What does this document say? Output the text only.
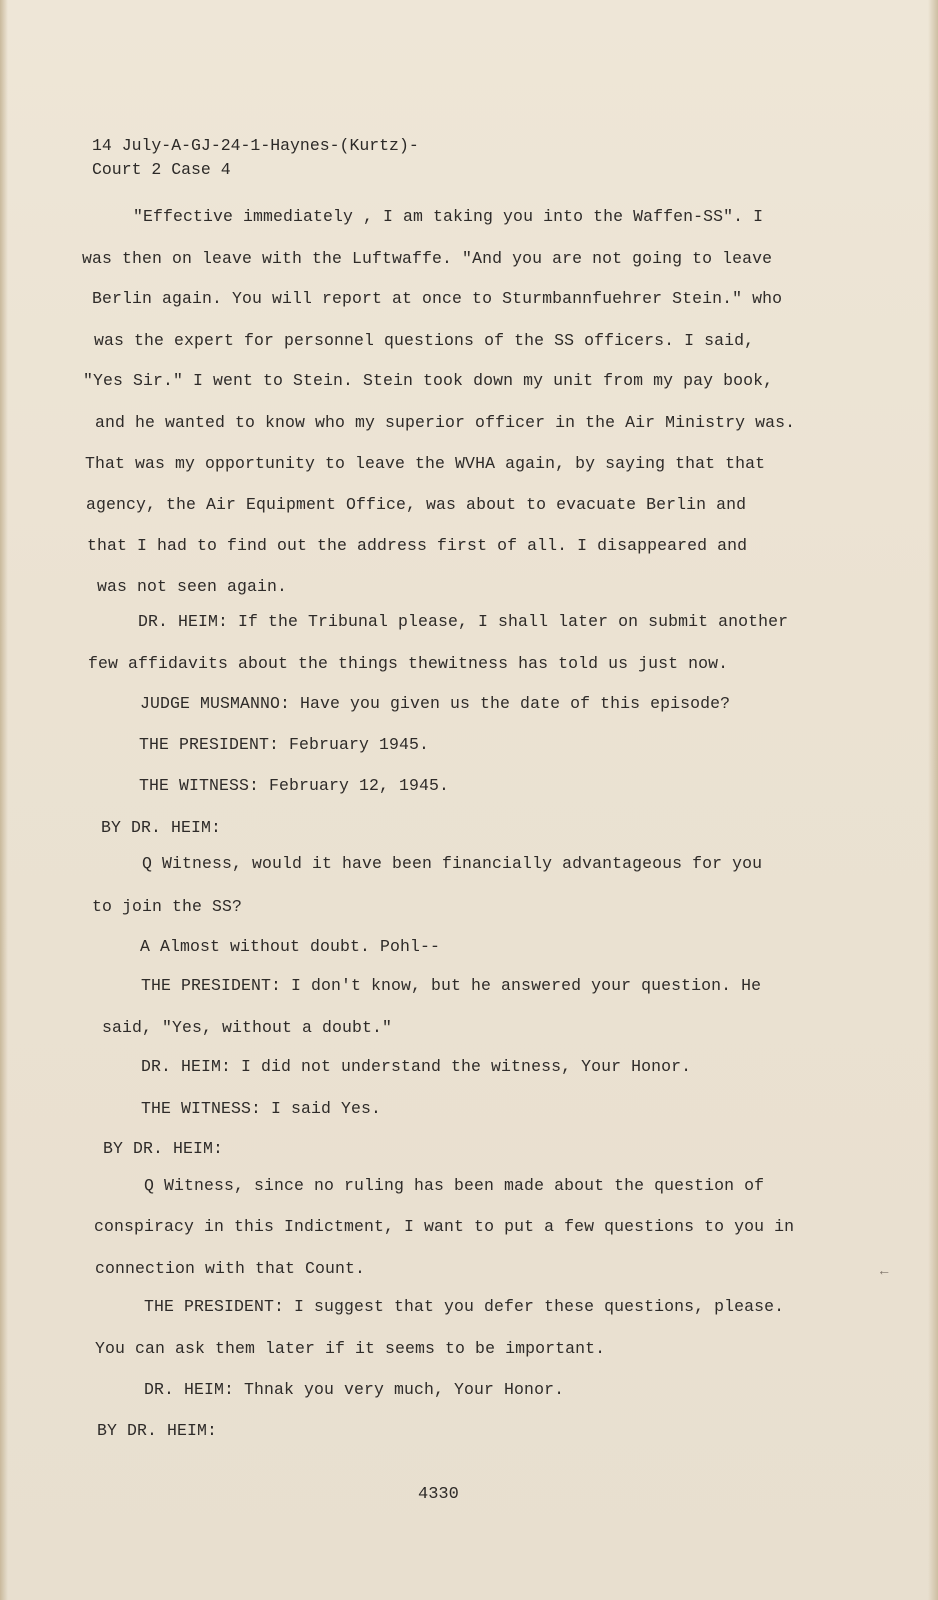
14 July-A-GJ-24-1-Haynes-(Kurtz)-
Court 2 Case 4
"Effective immediately , I am taking you into the Waffen-SS". I
was then on leave with the Luftwaffe. "And you are not going to leave
Berlin again. You will report at once to Sturmbannfuehrer Stein." who
was the expert for personnel questions of the SS officers. I said,
"Yes Sir." I went to Stein. Stein took down my unit from my pay book,
and he wanted to know who my superior officer in the Air Ministry was.
That was my opportunity to leave the WVHA again, by saying that that
agency, the Air Equipment Office, was about to evacuate Berlin and
that I had to find out the address first of all. I disappeared and
was not seen again.
DR. HEIM: If the Tribunal please, I shall later on submit another
few affidavits about the things thewitness has told us just now.
JUDGE MUSMANNO: Have you given us the date of this episode?
THE PRESIDENT: February 1945.
THE WITNESS: February 12, 1945.
BY DR. HEIM:
Q Witness, would it have been financially advantageous for you
to join the SS?
A Almost without doubt. Pohl--
THE PRESIDENT: I don't know, but he answered your question. He
said, "Yes, without a doubt."
DR. HEIM: I did not understand the witness, Your Honor.
THE WITNESS: I said Yes.
BY DR. HEIM:
Q Witness, since no ruling has been made about the question of
conspiracy in this Indictment, I want to put a few questions to you in
connection with that Count.
THE PRESIDENT: I suggest that you defer these questions, please.
You can ask them later if it seems to be important.
DR. HEIM: Thnak you very much, Your Honor.
BY DR. HEIM:
4330
←
